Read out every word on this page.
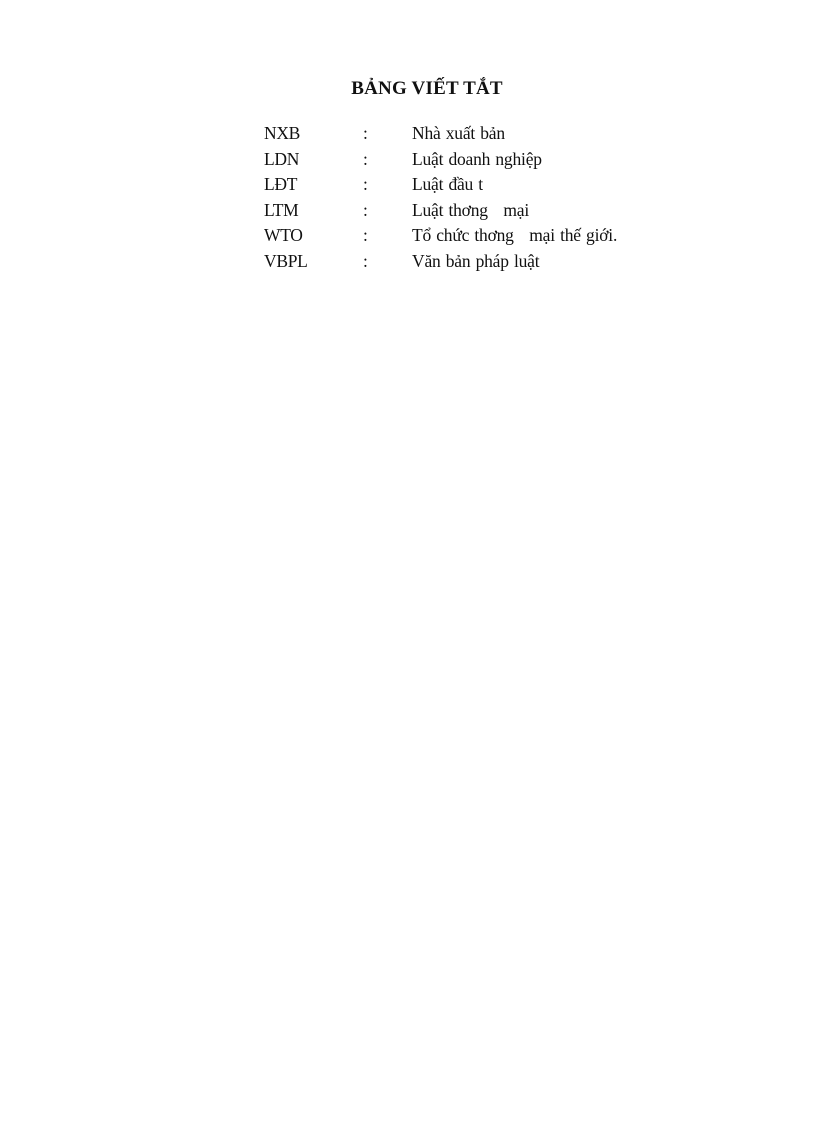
BẢNG VIẾT TẮT
NXB	:	Nhà xuất bản
LDN	:	Luật doanh nghiệp
LĐT	:	Luật đầu t
LTM	:	Luật thơng   mại
WTO	:	Tổ chức thơng   mại thế giới.
VBPL	:	Văn bản pháp luật
